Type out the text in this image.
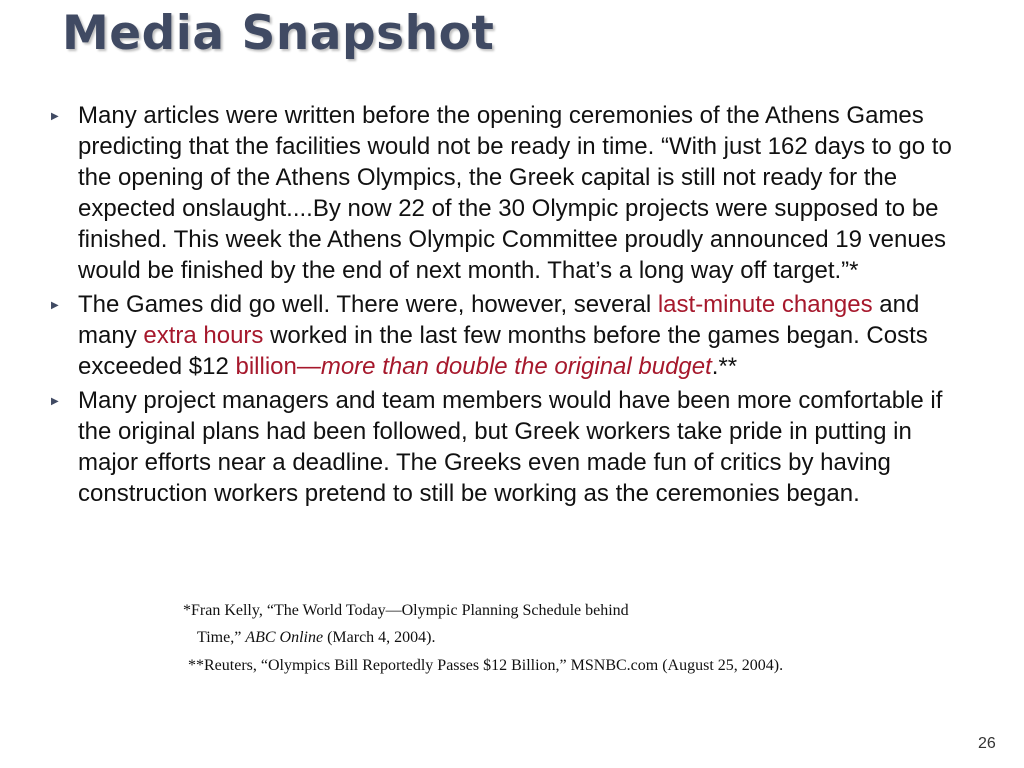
Media Snapshot
▶ Many articles were written before the opening ceremonies of the Athens Games predicting that the facilities would not be ready in time. “With just 162 days to go to the opening of the Athens Olympics, the Greek capital is still not ready for the expected onslaught....By now 22 of the 30 Olympic projects were supposed to be finished. This week the Athens Olympic Committee proudly announced 19 venues would be finished by the end of next month. That’s a long way off target.”*
▶ The Games did go well. There were, however, several last-minute changes and many extra hours worked in the last few months before the games began. Costs exceeded $12 billion—more than double the original budget.**
▶ Many project managers and team members would have been more comfortable if the original plans had been followed, but Greek workers take pride in putting in major efforts near a deadline. The Greeks even made fun of critics by having construction workers pretend to still be working as the ceremonies began.
*Fran Kelly, “The World Today—Olympic Planning Schedule behind
Time,” ABC Online (March 4, 2004).
**Reuters, “Olympics Bill Reportedly Passes $12 Billion,” MSNBC.com (August 25, 2004).
26
